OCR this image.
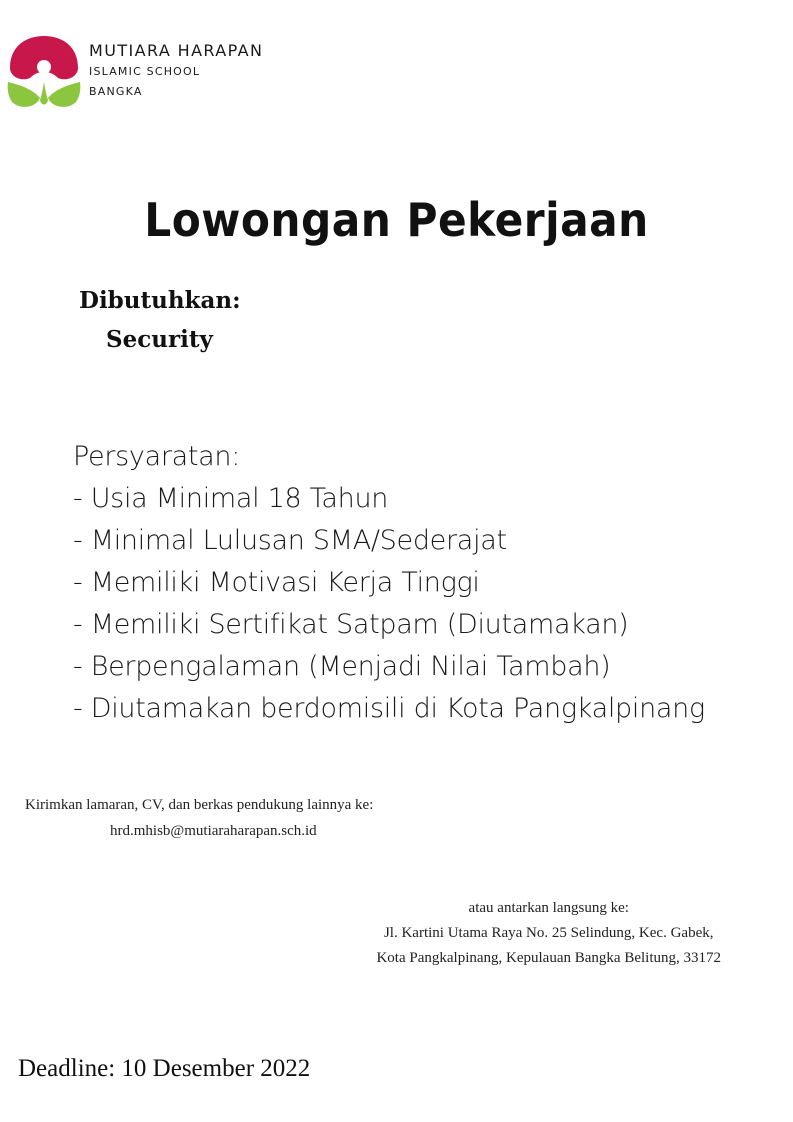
MUTIARA HARAPAN
ISLAMIC SCHOOL
BANGKA
Lowongan Pekerjaan
Dibutuhkan:
Security
Persyaratan:
- Usia Minimal 18 Tahun
- Minimal Lulusan SMA/Sederajat
- Memiliki Motivasi Kerja Tinggi
- Memiliki Sertifikat Satpam (Diutamakan)
- Berpengalaman (Menjadi Nilai Tambah)
- Diutamakan berdomisili di Kota Pangkalpinang
Kirimkan lamaran, CV, dan berkas pendukung lainnya ke:
hrd.mhisb@mutiaraharapan.sch.id
atau antarkan langsung ke:
Jl. Kartini Utama Raya No. 25 Selindung, Kec. Gabek,
Kota Pangkalpinang, Kepulauan Bangka Belitung, 33172
Deadline: 10 Desember 2022
